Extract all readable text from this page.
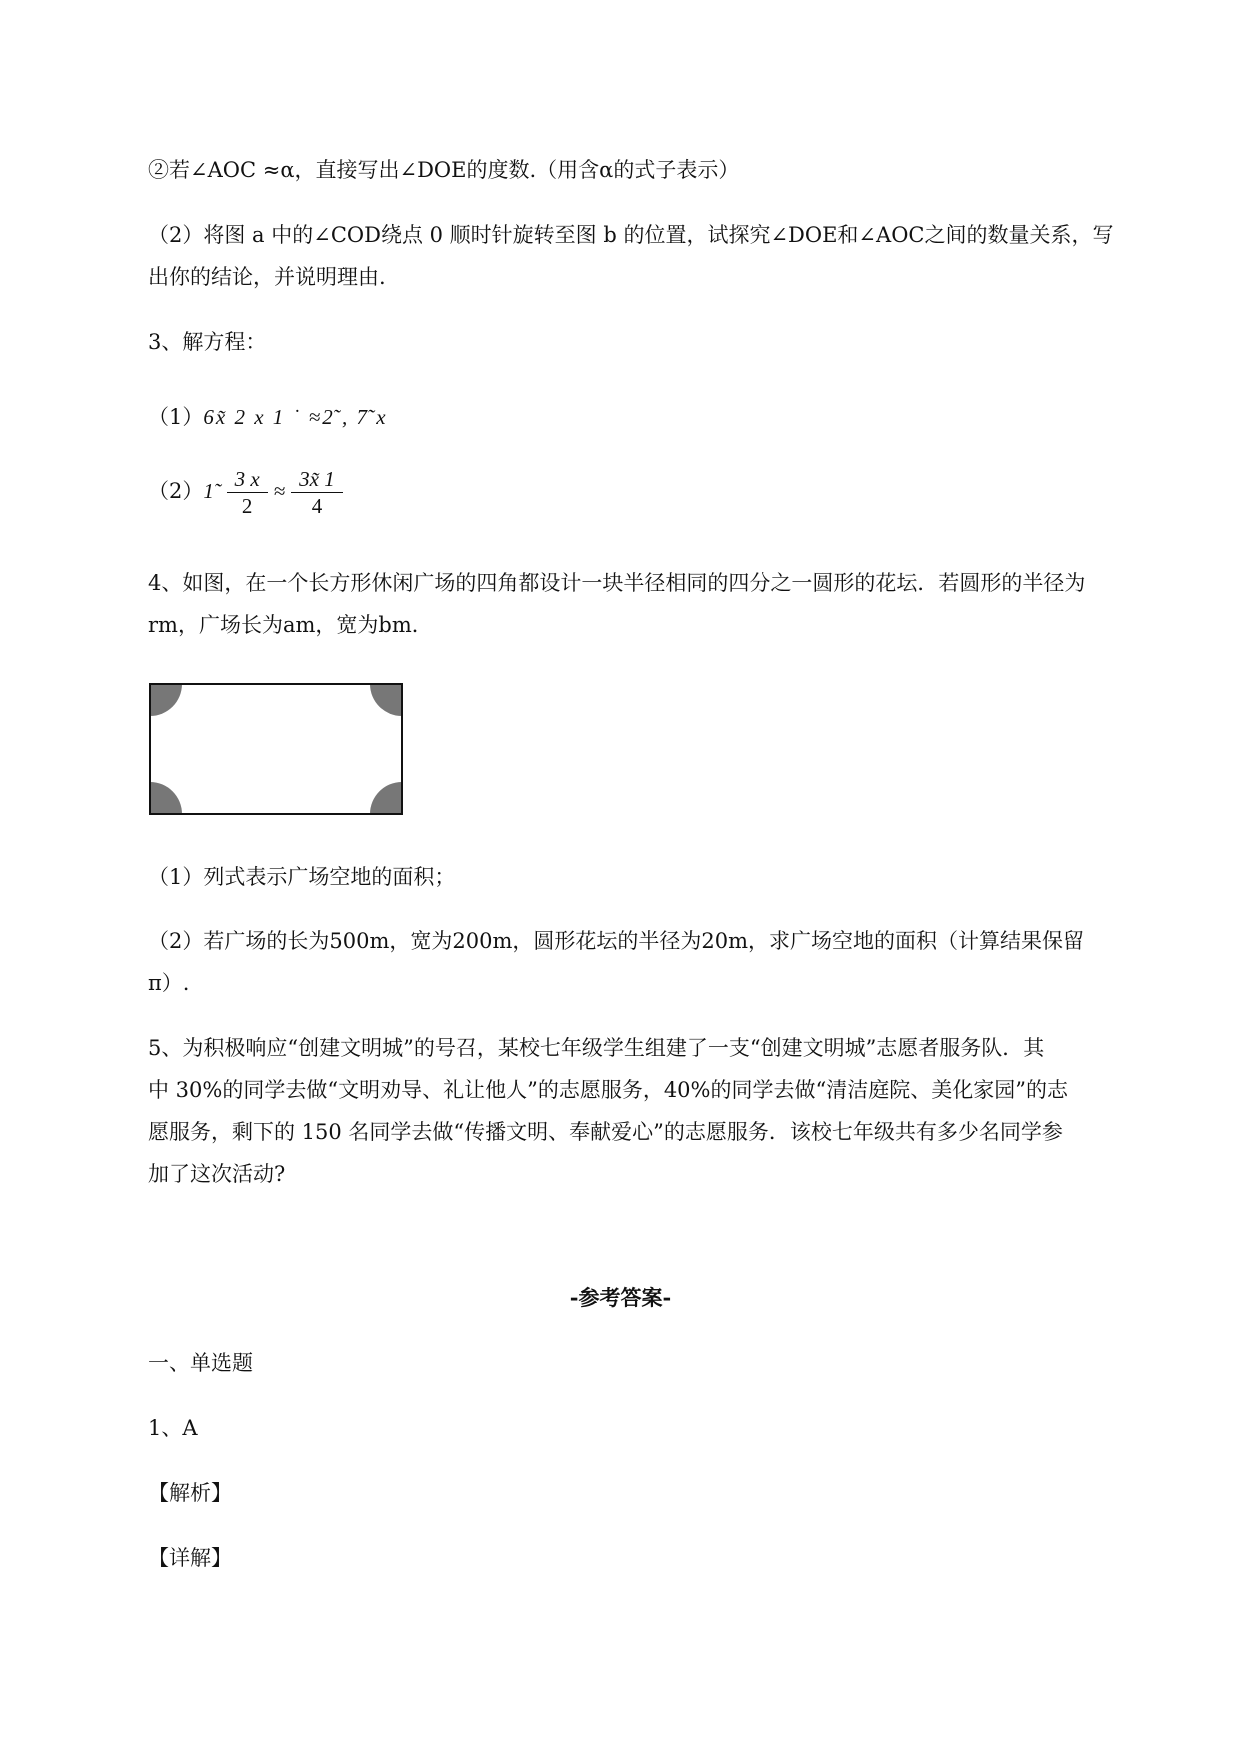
②若∠AOC ≈α，直接写出∠DOE的度数.（用含α的式子表示）
（2）将图 a 中的∠COD绕点 0 顺时针旋转至图 b 的位置，试探究∠DOE和∠AOC之间的数量关系，写
出你的结论，并说明理由.
3、解方程：
（1）6x̃ 2 x 1 ˙ ≈2̃ , 7̃ x
（2）1̃ $\frac{3 x}{2} \approx \frac{3x̃ 1}{4}$
4、如图，在一个长方形休闲广场的四角都设计一块半径相同的四分之一圆形的花坛．若圆形的半径为
rm，广场长为am，宽为bm．
（1）列式表示广场空地的面积；
（2）若广场的长为500m，宽为200m，圆形花坛的半径为20m，求广场空地的面积（计算结果保留
π）.
5、为积极响应“创建文明城”的号召，某校七年级学生组建了一支“创建文明城”志愿者服务队．其
中 30%的同学去做“文明劝导、礼让他人”的志愿服务，40%的同学去做“清洁庭院、美化家园”的志
愿服务，剩下的 150 名同学去做“传播文明、奉献爱心”的志愿服务．该校七年级共有多少名同学参
加了这次活动?
-参考答案-
一、单选题
1、A
【解析】
【详解】
